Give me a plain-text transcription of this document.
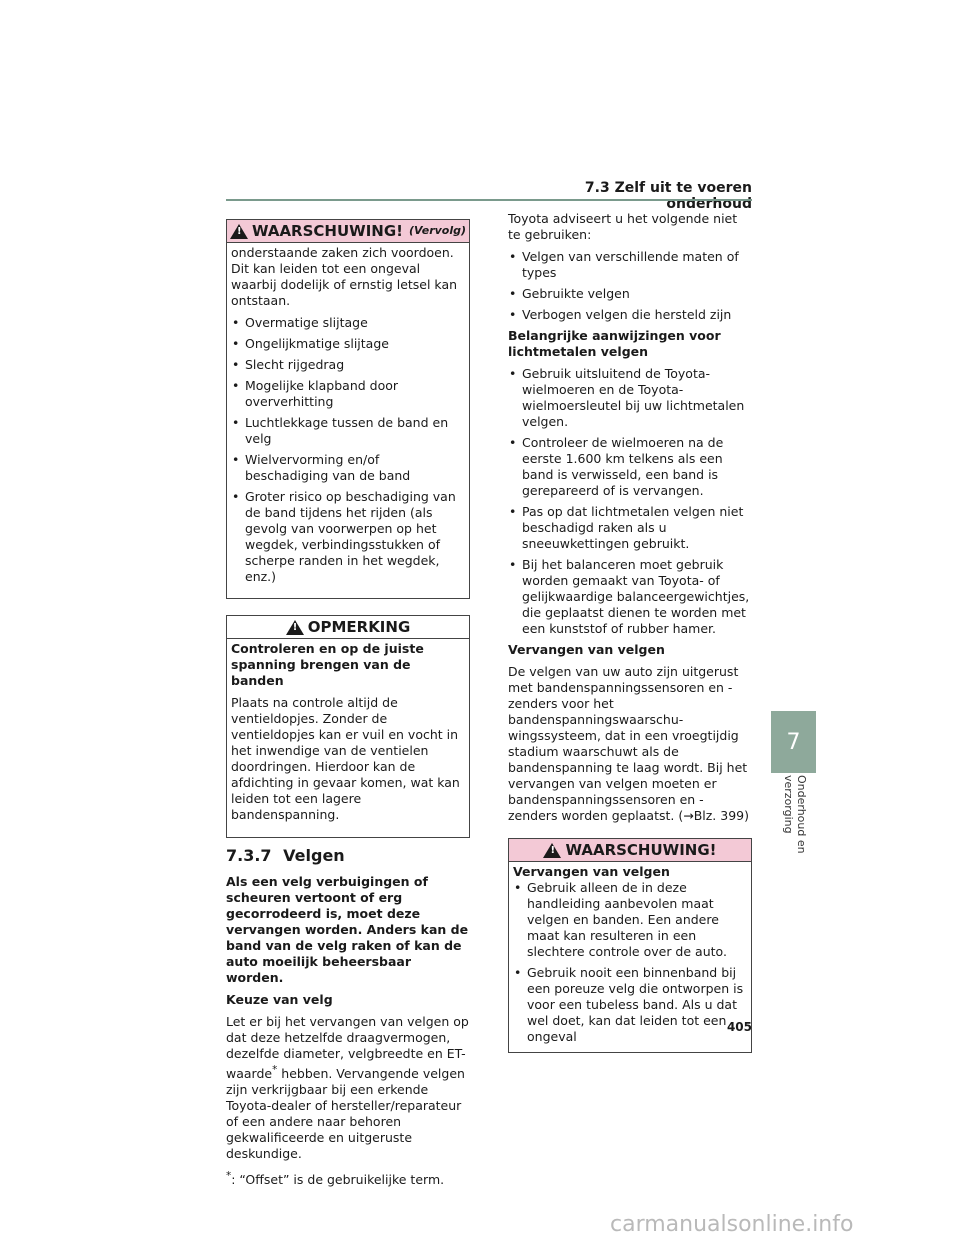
7.3 Zelf uit te voeren onderhoud
!
WAARSCHUWING! (Vervolg)

onderstaande zaken zich voordoen. Dit kan leiden tot een ongeval waarbij dodelijk of ernstig letsel kan ontstaan.

• Overmatige slijtage
• Ongelijkmatige slijtage
• Slecht rijgedrag
• Mogelijke klapband door oververhitting
• Luchtlekkage tussen de band en velg
• Wielvervorming en/of beschadiging van de band
• Groter risico op beschadiging van de band tijdens het rijden (als gevolg van voorwerpen op het wegdek, verbindingsstukken of scherpe randen in het wegdek, enz.)
!
OPMERKING

Controleren en op de juiste spanning brengen van de banden

Plaats na controle altijd de ventieldopjes. Zonder de ventieldopjes kan er vuil en vocht in het inwendige van de ventielen doordringen. Hierdoor kan de afdichting in gevaar komen, wat kan leiden tot een lagere bandenspanning.

7.3.7 Velgen

Als een velg verbuigingen of scheuren vertoont of erg gecorrodeerd is, moet deze vervangen worden. Anders kan de band van de velg raken of kan de auto moeilijk beheersbaar worden.

Keuze van velg

Let er bij het vervangen van velgen op dat deze hetzelfde draagvermogen, dezelfde diameter, velgbreedte en ET-waarde* hebben. Vervangende velgen zijn verkrijgbaar bij een erkende Toyota-dealer of hersteller/reparateur of een andere naar behoren gekwalificeerde en uitgeruste deskundige.

*: “Offset” is de gebruikelijke term.

Toyota adviseert u het volgende niet te gebruiken:

• Velgen van verschillende maten of types
• Gebruikte velgen
• Verbogen velgen die hersteld zijn

Belangrijke aanwijzingen voor lichtmetalen velgen

• Gebruik uitsluitend de Toyota-wielmoeren en de Toyota-wielmoersleutel bij uw lichtmetalen velgen.
• Controleer de wielmoeren na de eerste 1.600 km telkens als een band is verwisseld, een band is gerepareerd of is vervangen.
• Pas op dat lichtmetalen velgen niet beschadigd raken als u sneeuwkettingen gebruikt.
• Bij het balanceren moet gebruik worden gemaakt van Toyota- of gelijkwaardige balanceergewichtjes, die geplaatst dienen te worden met een kunststof of rubber hamer.

Vervangen van velgen

De velgen van uw auto zijn uitgerust met bandenspanningssensoren en -zenders voor het bandenspanningswaarschu-wingssysteem, dat in een vroegtijdig stadium waarschuwt als de bandenspanning te laag wordt. Bij het vervangen van velgen moeten er bandenspanningssensoren en -zenders worden geplaatst. (→Blz. 399)

!
WAARSCHUWING!

Vervangen van velgen

• Gebruik alleen de in deze handleiding aanbevolen maat velgen en banden. Een andere maat kan resulteren in een slechtere controle over de auto.
• Gebruik nooit een binnenband bij een poreuze velg die ontworpen is voor een tubeless band. Als u dat wel doet, kan dat leiden tot een ongeval
7
Onderhoud en verzorging
405
carmanualsonline.info
